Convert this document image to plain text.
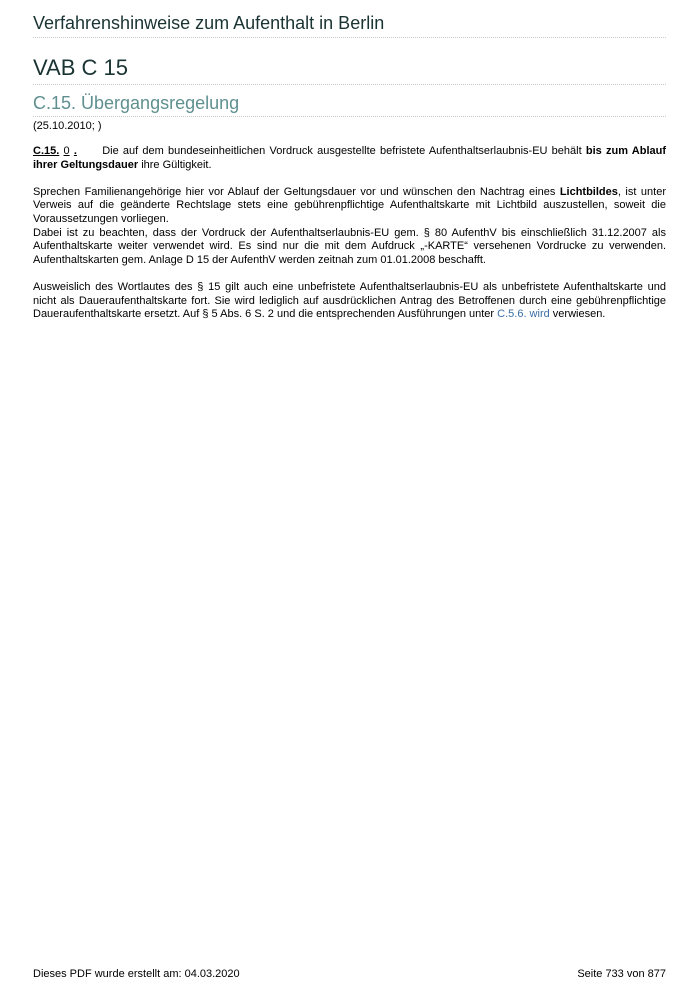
Verfahrenshinweise zum Aufenthalt in Berlin
VAB C 15
C.15. Übergangsregelung
(25.10.2010; )

C.15. 0 . Die auf dem bundeseinheitlichen Vordruck ausgestellte befristete Aufenthaltserlaubnis-EU behält bis zum Ablauf ihrer Geltungsdauer ihre Gültigkeit.

Sprechen Familienangehörige hier vor Ablauf der Geltungsdauer vor und wünschen den Nachtrag eines Lichtbildes, ist unter Verweis auf die geänderte Rechtslage stets eine gebührenpflichtige Aufenthaltskarte mit Lichtbild auszustellen, soweit die Voraussetzungen vorliegen.

Dabei ist zu beachten, dass der Vordruck der Aufenthaltserlaubnis-EU gem. § 80 AufenthV bis einschließlich 31.12.2007 als Aufenthaltskarte weiter verwendet wird. Es sind nur die mit dem Aufdruck „-KARTE“ versehenen Vordrucke zu verwenden. Aufenthaltskarten gem. Anlage D 15 der AufenthV werden zeitnah zum 01.01.2008 beschafft.

Ausweislich des Wortlautes des § 15 gilt auch eine unbefristete Aufenthaltserlaubnis-EU als unbefristete Aufenthaltskarte und nicht als Daueraufenthaltskarte fort. Sie wird lediglich auf ausdrücklichen Antrag des Betroffenen durch eine gebührenpflichtige Daueraufenthaltskarte ersetzt. Auf § 5 Abs. 6 S. 2 und die entsprechenden Ausführungen unter C.5.6. wird verwiesen.

Dieses PDF wurde erstellt am: 04.03.2020	Seite 733 von 877
